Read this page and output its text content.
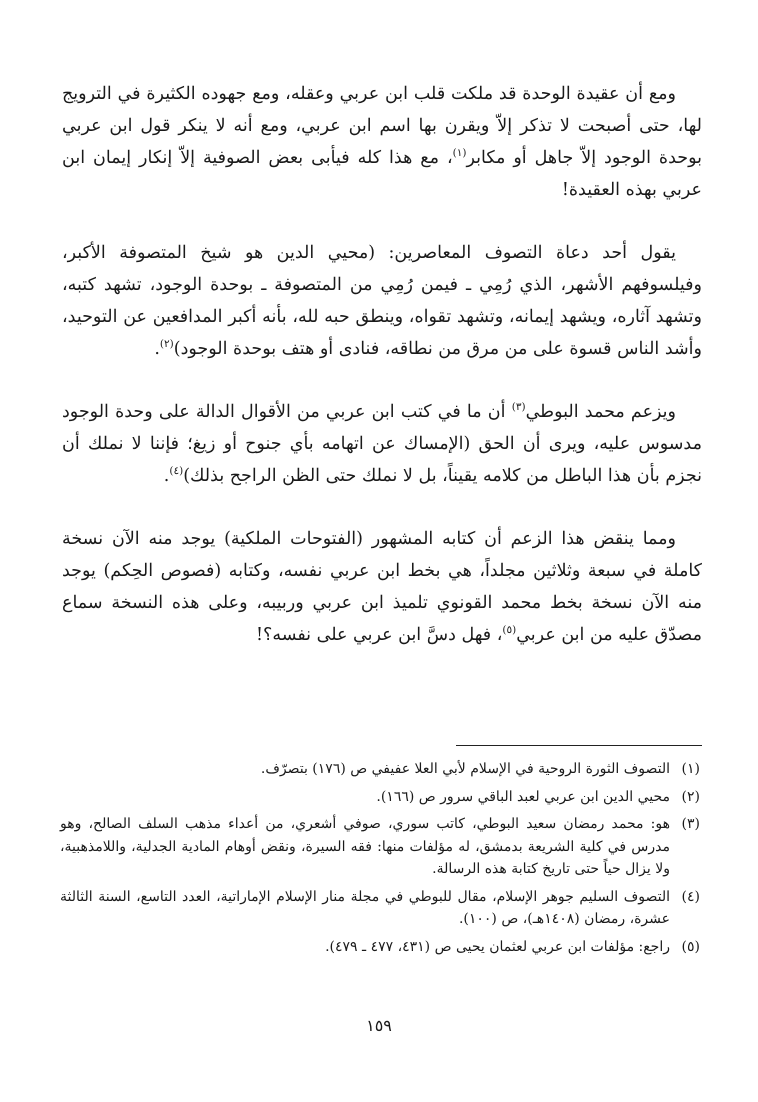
ومع أن عقيدة الوحدة قد ملكت قلب ابن عربي وعقله، ومع جهوده الكثيرة في الترويج لها، حتى أصبحت لا تذكر إلاّ ويقرن بها اسم ابن عربي، ومع أنه لا ينكر قول ابن عربي بوحدة الوجود إلاّ جاهل أو مكابر$^{(١)}$، مع هذا كله فيأبى بعض الصوفية إلاّ إنكار إيمان ابن عربي بهذه العقيدة!

يقول أحد دعاة التصوف المعاصرين: (محيي الدين هو شيخ المتصوفة الأكبر، وفيلسوفهم الأشهر، الذي رُمِي ـ فيمن رُمِي من المتصوفة ـ بوحدة الوجود، تشهد كتبه، وتشهد آثاره، ويشهد إيمانه، وتشهد تقواه، وينطق حبه لله، بأنه أكبر المدافعين عن التوحيد، وأشد الناس قسوة على من مرق من نطاقه، فنادى أو هتف بوحدة الوجود)$^{(٢)}$.

ويزعم محمد البوطي$^{(٣)}$ أن ما في كتب ابن عربي من الأقوال الدالة على وحدة الوجود مدسوس عليه، ويرى أن الحق (الإمساك عن اتهامه بأي جنوح أو زيغ؛ فإننا لا نملك أن نجزم بأن هذا الباطل من كلامه يقيناً، بل لا نملك حتى الظن الراجح بذلك)$^{(٤)}$.

ومما ينقض هذا الزعم أن كتابه المشهور (الفتوحات الملكية) يوجد منه الآن نسخة كاملة في سبعة وثلاثين مجلداً، هي بخط ابن عربي نفسه، وكتابه (فصوص الحِكم) يوجد منه الآن نسخة بخط محمد القونوي تلميذ ابن عربي وربيبه، وعلى هذه النسخة سماع مصدّق عليه من ابن عربي$^{(٥)}$، فهل دسَّ ابن عربي على نفسه؟!

(١)
التصوف الثورة الروحية في الإسلام لأبي العلا عفيفي ص (١٧٦) بتصرّف.
(٢)
محيي الدين ابن عربي لعبد الباقي سرور ص (١٦٦).
(٣)
هو: محمد رمضان سعيد البوطي، كاتب سوري، صوفي أشعري، من أعداء مذهب السلف الصالح، وهو مدرس في كلية الشريعة بدمشق، له مؤلفات منها: فقه السيرة، ونقض أوهام المادية الجدلية، واللامذهبية، ولا يزال حياً حتى تاريخ كتابة هذه الرسالة.
(٤)
التصوف السليم جوهر الإسلام، مقال للبوطي في مجلة منار الإسلام الإماراتية، العدد التاسع، السنة الثالثة عشرة، رمضان (١٤٠٨هـ)، ص (١٠٠).
(٥)
راجع: مؤلفات ابن عربي لعثمان يحيى ص (٤٣١، ٤٧٧ ـ ٤٧٩).
١٥٩
